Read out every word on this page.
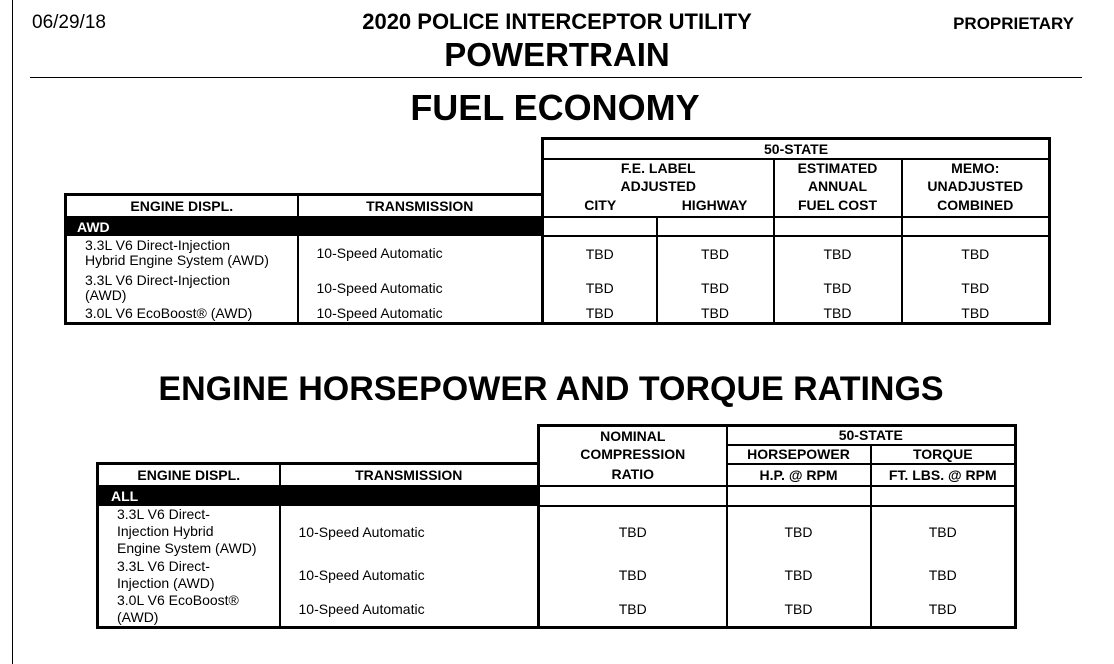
06/29/18	2020 POLICE INTERCEPTOR UTILITY	PROPRIETARY
POWERTRAIN
FUEL ECONOMY
		50-STATE			
		F.E. LABEL		ESTIMATED	MEMO:
		ADJUSTED		ANNUAL	UNADJUSTED
ENGINE DISPL.	TRANSMISSION	CITY	HIGHWAY	FUEL COST	COMBINED
AWD					
3.3L V6 Direct-Injection
Hybrid Engine System (AWD)	10-Speed Automatic	TBD	TBD	TBD	TBD
3.3L V6 Direct-Injection
(AWD)	10-Speed Automatic	TBD	TBD	TBD	TBD
3.0L V6 EcoBoost® (AWD)	10-Speed Automatic	TBD	TBD	TBD	TBD
ENGINE HORSEPOWER AND TORQUE RATINGS
		NOMINAL	50-STATE	
		COMPRESSION	HORSEPOWER	TORQUE
ENGINE DISPL.	TRANSMISSION	RATIO	H.P. @ RPM	FT. LBS. @ RPM
ALL				
3.3L V6 Direct-
Injection Hybrid
Engine System (AWD)	10-Speed Automatic	TBD	TBD	TBD
3.3L V6 Direct-
Injection (AWD)	10-Speed Automatic	TBD	TBD	TBD
3.0L V6 EcoBoost®
(AWD)	10-Speed Automatic	TBD	TBD	TBD
